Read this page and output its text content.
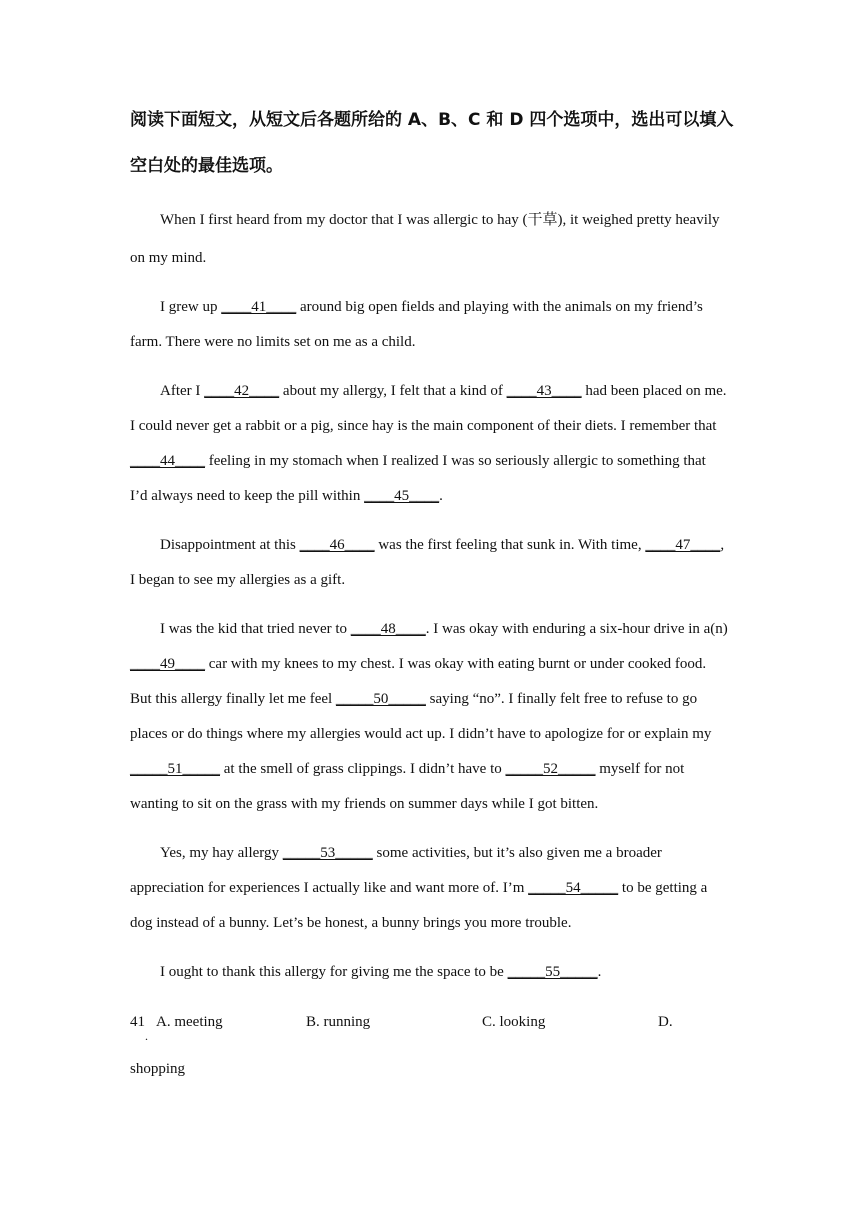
阅读下面短文，从短文后各题所给的 A、B、C 和 D 四个选项中，选出可以填入
空白处的最佳选项。
When I first heard from my doctor that I was allergic to hay (干草), it weighed pretty heavily
on my mind.
I grew up ____41____ around big open fields and playing with the animals on my friend’s
farm. There were no limits set on me as a child.
After I ____42____ about my allergy, I felt that a kind of ____43____ had been placed on me.
I could never get a rabbit or a pig, since hay is the main component of their diets. I remember that
____44____ feeling in my stomach when I realized I was so seriously allergic to something that
I’d always need to keep the pill within ____45____.
Disappointment at this ____46____ was the first feeling that sunk in. With time, ____47____,
I began to see my allergies as a gift.
I was the kid that tried never to ____48____. I was okay with enduring a six-hour drive in a(n)
____49____ car with my knees to my chest. I was okay with eating burnt or under cooked food.
But this allergy finally let me feel _____50_____ saying “no”. I finally felt free to refuse to go
places or do things where my allergies would act up. I didn’t have to apologize for or explain my
_____51_____ at the smell of grass clippings. I didn’t have to _____52_____ myself for not
wanting to sit on the grass with my friends on summer days while I got bitten.
Yes, my hay allergy _____53_____ some activities, but it’s also given me a broader
appreciation for experiences I actually like and want more of. I’m _____54_____ to be getting a
dog instead of a bunny. Let’s be honest, a bunny brings you more trouble.
I ought to thank this allergy for giving me the space to be _____55_____.
41
.
A. meeting	B. running	C. looking	D.
shopping
